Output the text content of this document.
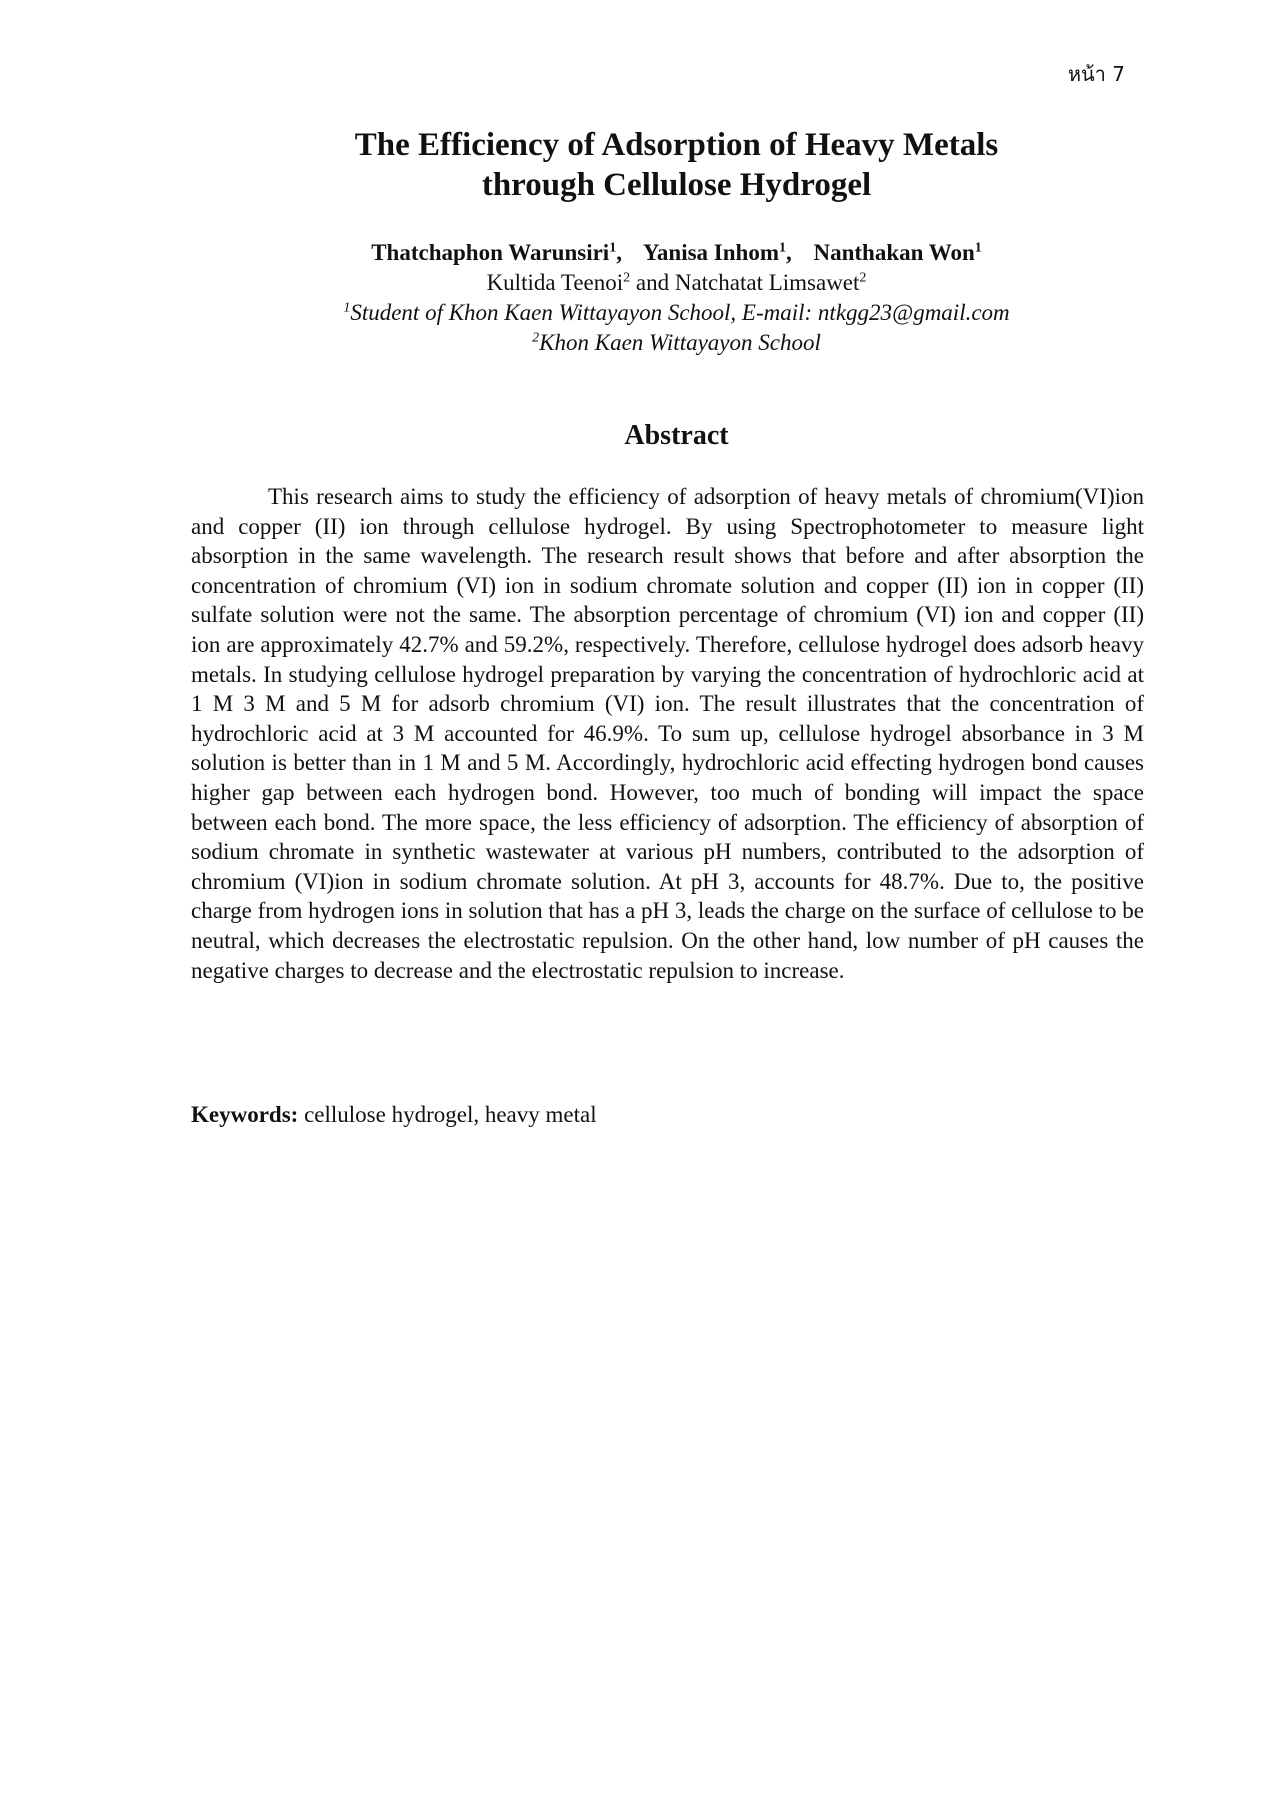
หน้า 7
The Efficiency of Adsorption of Heavy Metals
through Cellulose Hydrogel
Thatchaphon Warunsiri$^1$, Yanisa Inhom$^1$, Nanthakan Won$^1$
Kultida Teenoi$^2$ and Natchatat Limsawet$^2$
$^1$Student of Khon Kaen Wittayayon School, E-mail: ntkgg23@gmail.com
$^2$Khon Kaen Wittayayon School
Abstract

This research aims to study the efficiency of adsorption of heavy metals of chromium(VI)ion and copper (II) ion through cellulose hydrogel. By using Spectrophotometer to measure light absorption in the same wavelength. The research result shows that before and after absorption the concentration of chromium (VI) ion in sodium chromate solution and copper (II) ion in copper (II) sulfate solution were not the same. The absorption percentage of chromium (VI) ion and copper (II) ion are approximately 42.7% and 59.2%, respectively. Therefore, cellulose hydrogel does adsorb heavy metals. In studying cellulose hydrogel preparation by varying the concentration of hydrochloric acid at 1 M 3 M and 5 M for adsorb chromium (VI) ion. The result illustrates that the concentration of hydrochloric acid at 3 M accounted for 46.9%. To sum up, cellulose hydrogel absorbance in 3 M solution is better than in 1 M and 5 M. Accordingly, hydrochloric acid effecting hydrogen bond causes higher gap between each hydrogen bond. However, too much of bonding will impact the space between each bond. The more space, the less efficiency of adsorption. The efficiency of absorption of sodium chromate in synthetic wastewater at various pH numbers, contributed to the adsorption of chromium (VI)ion in sodium chromate solution. At pH 3, accounts for 48.7%. Due to, the positive charge from hydrogen ions in solution that has a pH 3, leads the charge on the surface of cellulose to be neutral, which decreases the electrostatic repulsion. On the other hand, low number of pH causes the negative charges to decrease and the electrostatic repulsion to increase.

Keywords: cellulose hydrogel, heavy metal
